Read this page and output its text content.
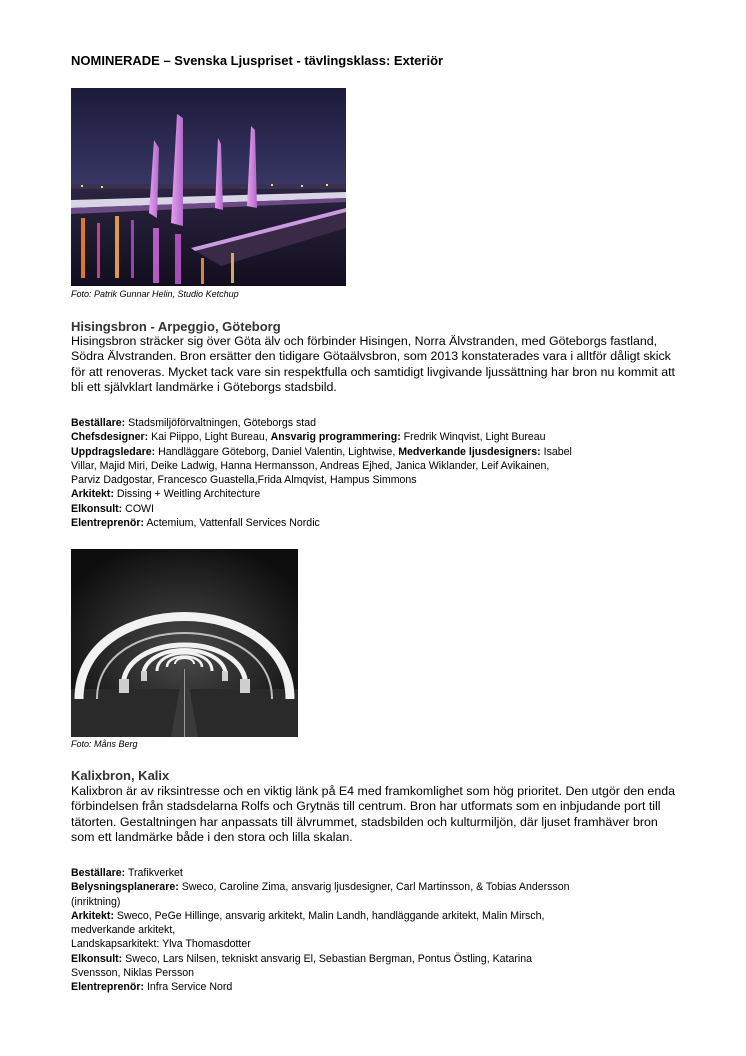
NOMINERADE – Svenska Ljuspriset - tävlingsklass: Exteriör
Foto: Patrik Gunnar Helin, Studio Ketchup
Hisingsbron - Arpeggio, Göteborg

Hisingsbron sträcker sig över Göta älv och förbinder Hisingen, Norra Älvstranden, med Göteborgs fastland, Södra Älvstranden. Bron ersätter den tidigare Götaälvsbron, som 2013 konstaterades vara i alltför dåligt skick för att renoveras. Mycket tack vare sin respektfulla och samtidigt livgivande ljussättning har bron nu kommit att bli ett självklart landmärke i Göteborgs stadsbild.

Beställare: Stadsmiljöförvaltningen, Göteborgs stad
Chefsdesigner: Kai Piippo, Light Bureau, Ansvarig programmering: Fredrik Winqvist, Light Bureau
Uppdragsledare: Handläggare Göteborg, Daniel Valentin, Lightwise, Medverkande ljusdesigners: Isabel
Villar, Majid Miri, Deike Ladwig, Hanna Hermansson, Andreas Ejhed, Janica Wiklander, Leif Avikainen,
Parviz Dadgostar, Francesco Guastella,Frida Almqvist, Hampus Simmons
Arkitekt: Dissing + Weitling Architecture
Elkonsult: COWI
Elentreprenör: Actemium, Vattenfall Services Nordic
Foto: Måns Berg
Kalixbron, Kalix

Kalixbron är av riksintresse och en viktig länk på E4 med framkomlighet som hög prioritet. Den utgör den enda förbindelsen från stadsdelarna Rolfs och Grytnäs till centrum. Bron har utformats som en inbjudande port till tätorten. Gestaltningen har anpassats till älvrummet, stadsbilden och kulturmiljön, där ljuset framhäver bron som ett landmärke både i den stora och lilla skalan.

Beställare: Trafikverket
Belysningsplanerare: Sweco, Caroline Zima, ansvarig ljusdesigner, Carl Martinsson, & Tobias Andersson
(inriktning)
Arkitekt: Sweco, PeGe Hillinge, ansvarig arkitekt, Malin Landh, handläggande arkitekt, Malin Mirsch,
medverkande arkitekt,
Landskapsarkitekt: Ylva Thomasdotter
Elkonsult: Sweco, Lars Nilsen, tekniskt ansvarig El, Sebastian Bergman, Pontus Östling, Katarina
Svensson, Niklas Persson
Elentreprenör: Infra Service Nord
